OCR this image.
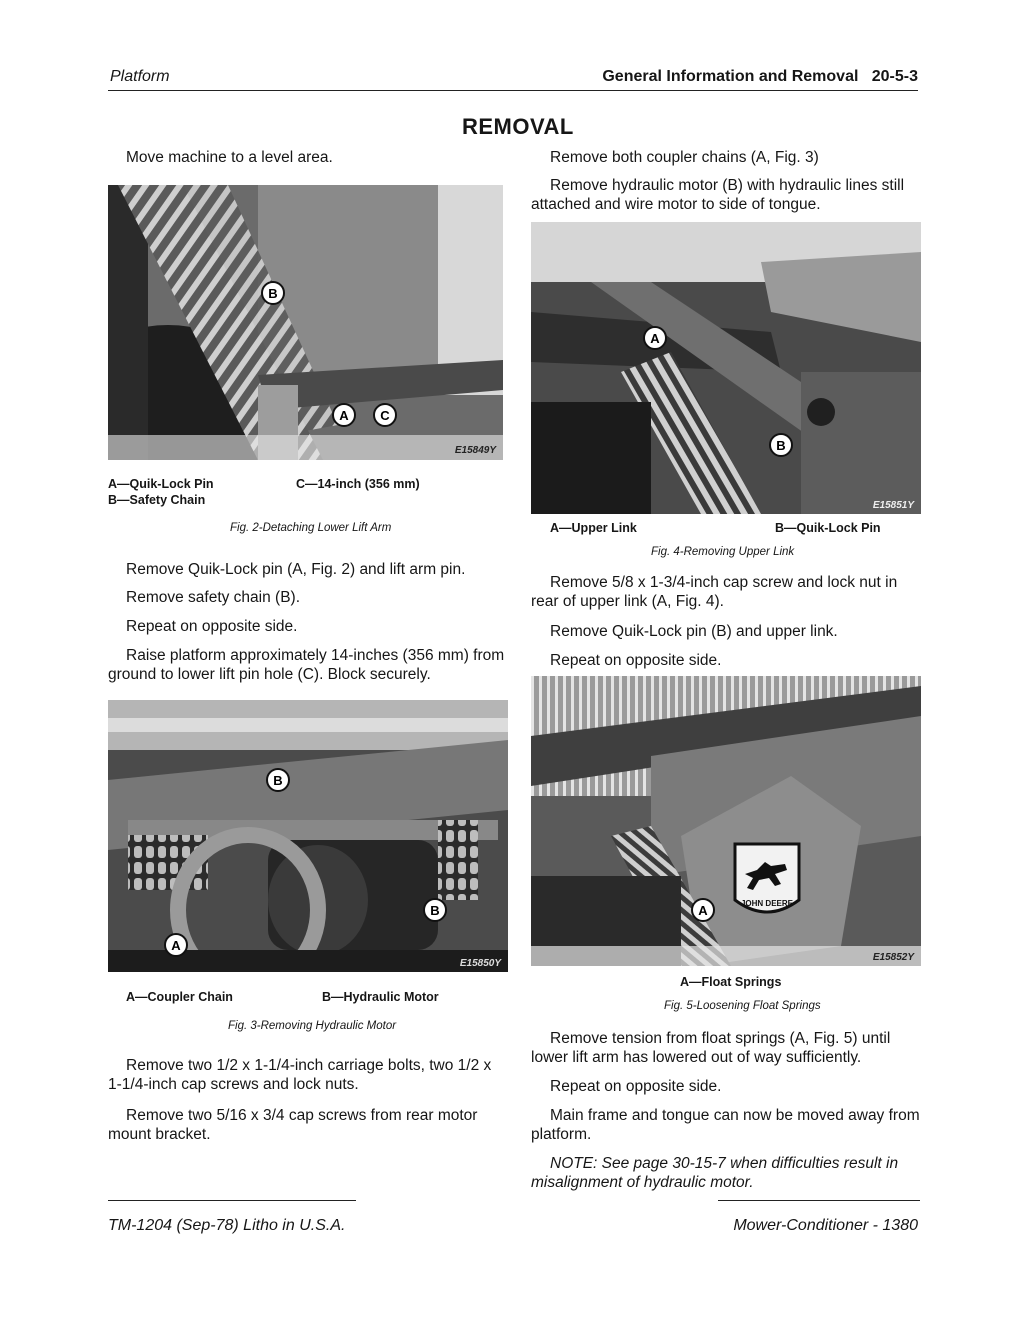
Platform	General Information and Removal   20-5-3
REMOVAL
Move machine to a level area.
B
A C
E15849Y
A—Quik-Lock Pin
B—Safety Chain
C—14-inch (356 mm)
Fig. 2-Detaching Lower Lift Arm
Remove Quik-Lock pin (A, Fig. 2) and lift arm pin.
Remove safety chain (B).
Repeat on opposite side.
Raise platform approximately 14-inches (356 mm) from ground to lower lift pin hole (C). Block securely.
B
B
A
E15850Y
A—Coupler Chain	B—Hydraulic Motor
Fig. 3-Removing Hydraulic Motor
Remove two 1/2 x 1-1/4-inch carriage bolts, two 1/2 x 1-1/4-inch cap screws and lock nuts.
Remove two 5/16 x 3/4 cap screws from rear motor mount bracket.
Remove both coupler chains (A, Fig. 3)
Remove hydraulic motor (B) with hydraulic lines still attached and wire motor to side of tongue.
A
B
E15851Y
A—Upper Link	B—Quik-Lock Pin
Fig. 4-Removing Upper Link
Remove 5/8 x 1-3/4-inch cap screw and lock nut in rear of upper link (A, Fig. 4).
Remove Quik-Lock pin (B) and upper link.
Repeat on opposite side.
JOHN DEERE
A
E15852Y
A—Float Springs
Fig. 5-Loosening Float Springs
Remove tension from float springs (A, Fig. 5) until lower lift arm has lowered out of way sufficiently.
Repeat on opposite side.
Main frame and tongue can now be moved away from platform.
NOTE: See page 30-15-7 when difficulties result in misalignment of hydraulic motor.
TM-1204 (Sep-78) Litho in U.S.A.	Mower-Conditioner - 1380
